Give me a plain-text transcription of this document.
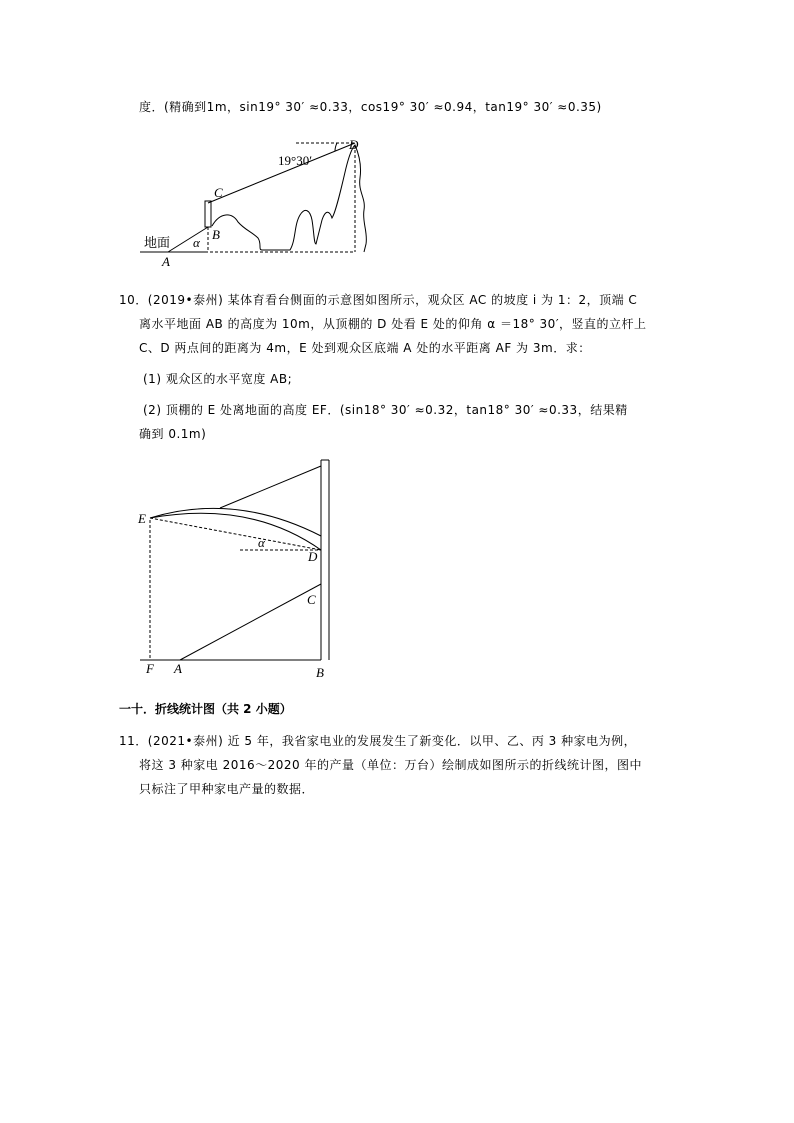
度．(精确到1m，sin19° 30′ ≈0.33，cos19° 30′ ≈0.94，tan19° 30′ ≈0.35)
19°30′
D
C
B
A
α
地面
10．(2019•泰州) 某体育看台侧面的示意图如图所示，观众区 AC 的坡度 i 为 1：2，顶端 C
离水平地面 AB 的高度为 10m，从顶棚的 D 处看 E 处的仰角 α ＝18° 30′，竖直的立杆上
C、D 两点间的距离为 4m，E 处到观众区底端 A 处的水平距离 AF 为 3m．求：
(1) 观众区的水平宽度 AB;
(2) 顶棚的 E 处离地面的高度 EF．(sin18° 30′ ≈0.32，tan18° 30′ ≈0.33，结果精
确到 0.1m)
E
D
C
F A	B
α
一十．折线统计图（共 2 小题）
11．(2021•泰州) 近 5 年，我省家电业的发展发生了新变化．以甲、乙、丙 3 种家电为例，
将这 3 种家电 2016～2020 年的产量（单位：万台）绘制成如图所示的折线统计图，图中
只标注了甲种家电产量的数据．
